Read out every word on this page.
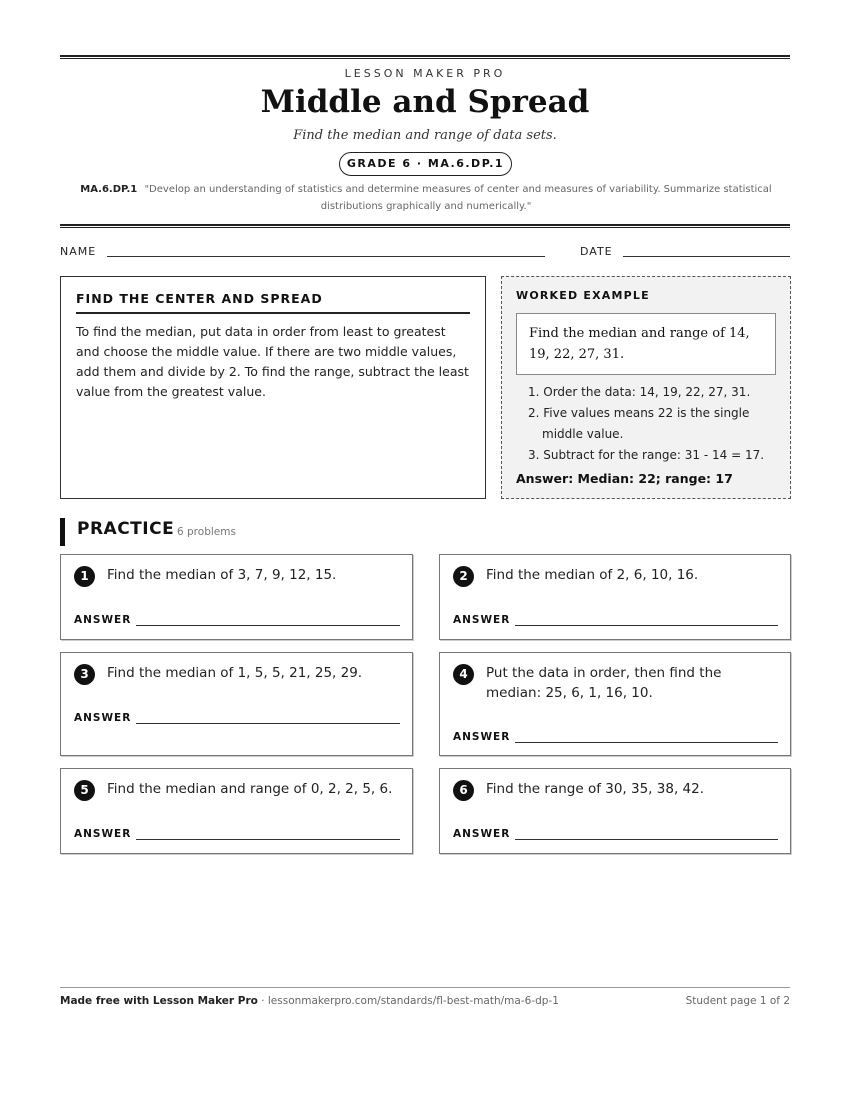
LESSON MAKER PRO
Middle and Spread
Find the median and range of data sets.
GRADE 6 · MA.6.DP.1
MA.6.DP.1 "Develop an understanding of statistics and determine measures of center and measures of variability. Summarize statistical distributions graphically and numerically."
NAME	DATE
FIND THE CENTER AND SPREAD
To find the median, put data in order from least to greatest and choose the middle value. If there are two middle values, add them and divide by 2. To find the range, subtract the least value from the greatest value.
WORKED EXAMPLE
Find the median and range of 14, 19, 22, 27, 31.
1. Order the data: 14, 19, 22, 27, 31.
2. Five values means 22 is the single middle value.
3. Subtract for the range: 31 - 14 = 17.
Answer: Median: 22; range: 17
PRACTICE 6 problems
1	Find the median of 3, 7, 9, 12, 15.
ANSWER
2	Find the median of 2, 6, 10, 16.
ANSWER
3	Find the median of 1, 5, 5, 21, 25, 29.
ANSWER
4	Put the data in order, then find the median: 25, 6, 1, 16, 10.
ANSWER
5	Find the median and range of 0, 2, 2, 5, 6.
ANSWER
6	Find the range of 30, 35, 38, 42.
ANSWER
Made free with Lesson Maker Pro · lessonmakerpro.com/standards/fl-best-math/ma-6-dp-1	Student page 1 of 2
